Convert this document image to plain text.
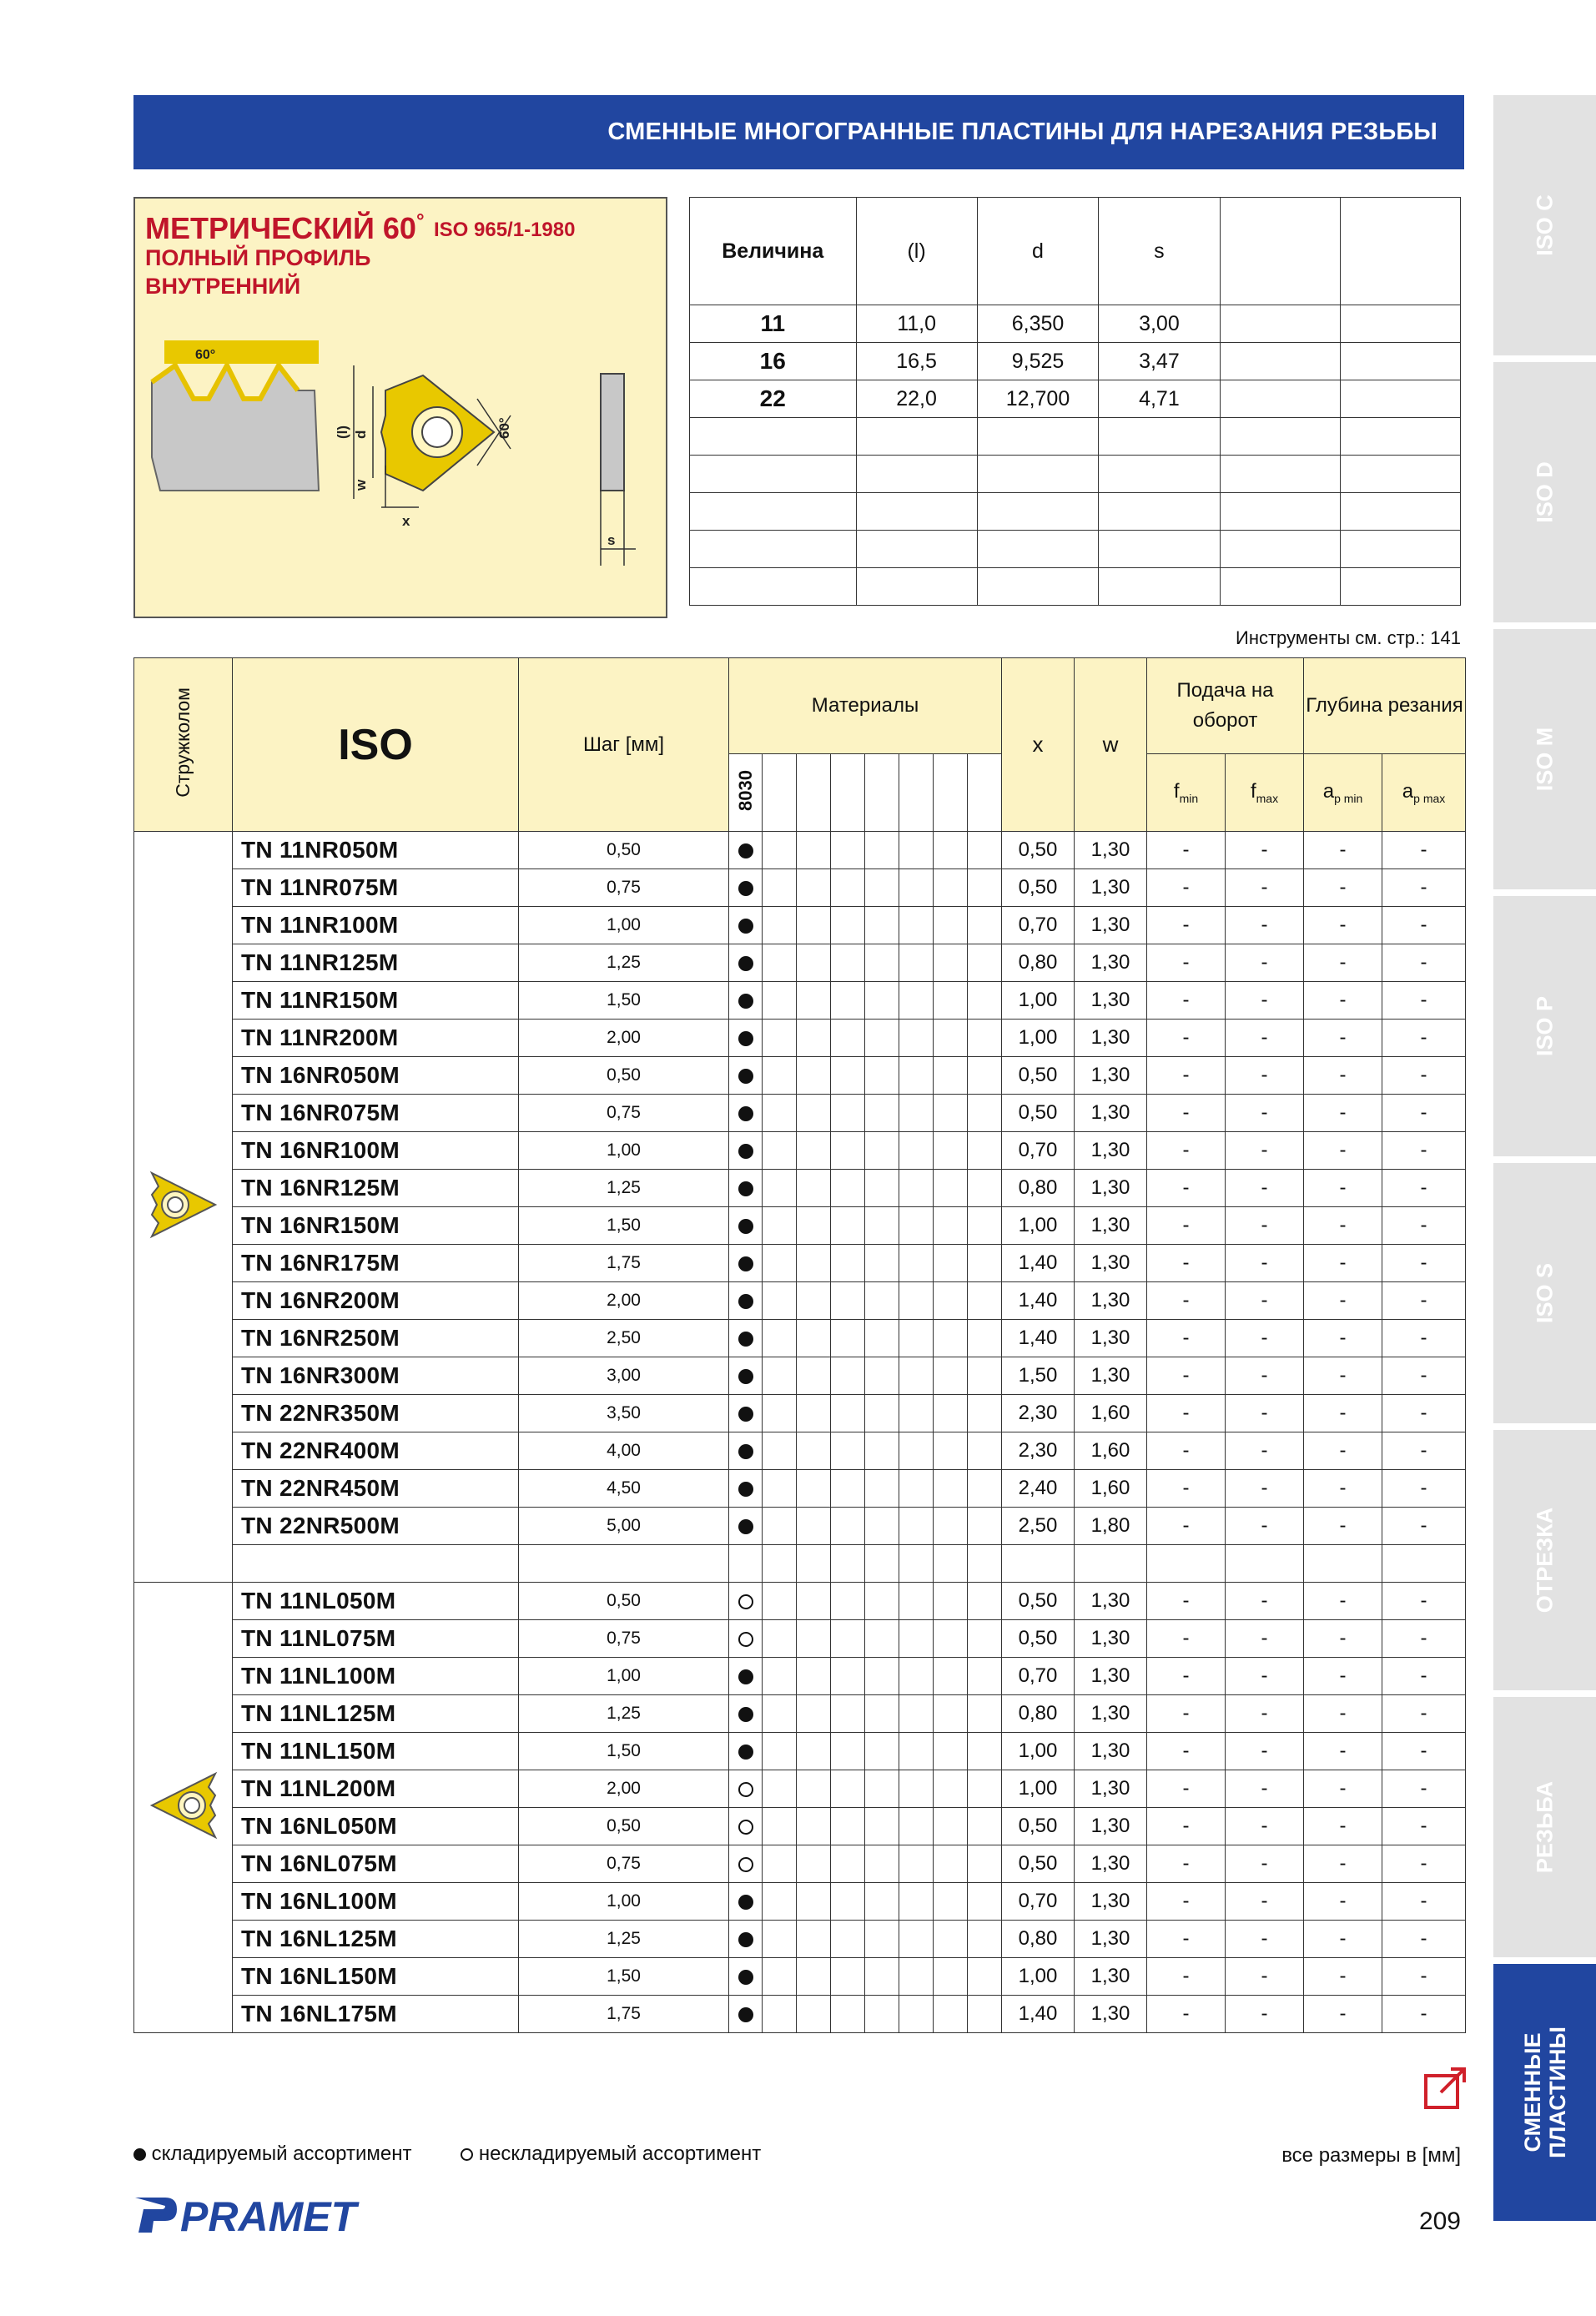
СМЕННЫЕ МНОГОГРАННЫЕ ПЛАСТИНЫ ДЛЯ НАРЕЗАНИЯ РЕЗЬБЫ
МЕТРИЧЕСКИЙ 60° ISO 965/1-1980
ПОЛНЫЙ ПРОФИЛЬ
ВНУТРЕННИЙ
60°
60°
(l) d
w
x
s
Величина	(l)	d	s		
11	11,0	6,350	3,00		
16	16,5	9,525	3,47		
22	22,0	12,700	4,71		

Инструменты см. стр.: 141
Стружколом	ISO	Шаг [мм]	Материалы								x	w	Подача на оборот		Глубина резания	
			8030										$f_{min}$	$f_{max}$	$a_{p min}$	$a_{p max}$
	TN 11NR050M	0,50									0,50	1,30	-	-	-	-
	TN 11NR075M	0,75									0,50	1,30	-	-	-	-
	TN 11NR100M	1,00									0,70	1,30	-	-	-	-
	TN 11NR125M	1,25									0,80	1,30	-	-	-	-
	TN 11NR150M	1,50									1,00	1,30	-	-	-	-
	TN 11NR200M	2,00									1,00	1,30	-	-	-	-
	TN 16NR050M	0,50									0,50	1,30	-	-	-	-
	TN 16NR075M	0,75									0,50	1,30	-	-	-	-
	TN 16NR100M	1,00									0,70	1,30	-	-	-	-
	TN 16NR125M	1,25									0,80	1,30	-	-	-	-
	TN 16NR150M	1,50									1,00	1,30	-	-	-	-
	TN 16NR175M	1,75									1,40	1,30	-	-	-	-
	TN 16NR200M	2,00									1,40	1,30	-	-	-	-
	TN 16NR250M	2,50									1,40	1,30	-	-	-	-
	TN 16NR300M	3,00									1,50	1,30	-	-	-	-
	TN 22NR350M	3,50									2,30	1,60	-	-	-	-
	TN 22NR400M	4,00									2,30	1,60	-	-	-	-
	TN 22NR450M	4,50									2,40	1,60	-	-	-	-
	TN 22NR500M	5,00									2,50	1,80	-	-	-	-

	TN 11NL050M	0,50									0,50	1,30	-	-	-	-
	TN 11NL075M	0,75									0,50	1,30	-	-	-	-
	TN 11NL100M	1,00									0,70	1,30	-	-	-	-
	TN 11NL125M	1,25									0,80	1,30	-	-	-	-
	TN 11NL150M	1,50									1,00	1,30	-	-	-	-
	TN 11NL200M	2,00									1,00	1,30	-	-	-	-
	TN 16NL050M	0,50									0,50	1,30	-	-	-	-
	TN 16NL075M	0,75									0,50	1,30	-	-	-	-
	TN 16NL100M	1,00									0,70	1,30	-	-	-	-
	TN 16NL125M	1,25									0,80	1,30	-	-	-	-
	TN 16NL150M	1,50									1,00	1,30	-	-	-	-
	TN 16NL175M	1,75									1,40	1,30	-	-	-	-
ISO C
ISO D
ISO M
ISO P
ISO S
ОТРЕЗКА
РЕЗЬБА
СМЕННЫЕ ПЛАСТИНЫ
складируемый ассортимент	нескладируемый ассортимент	все размеры в [мм]
209
PRAMET
